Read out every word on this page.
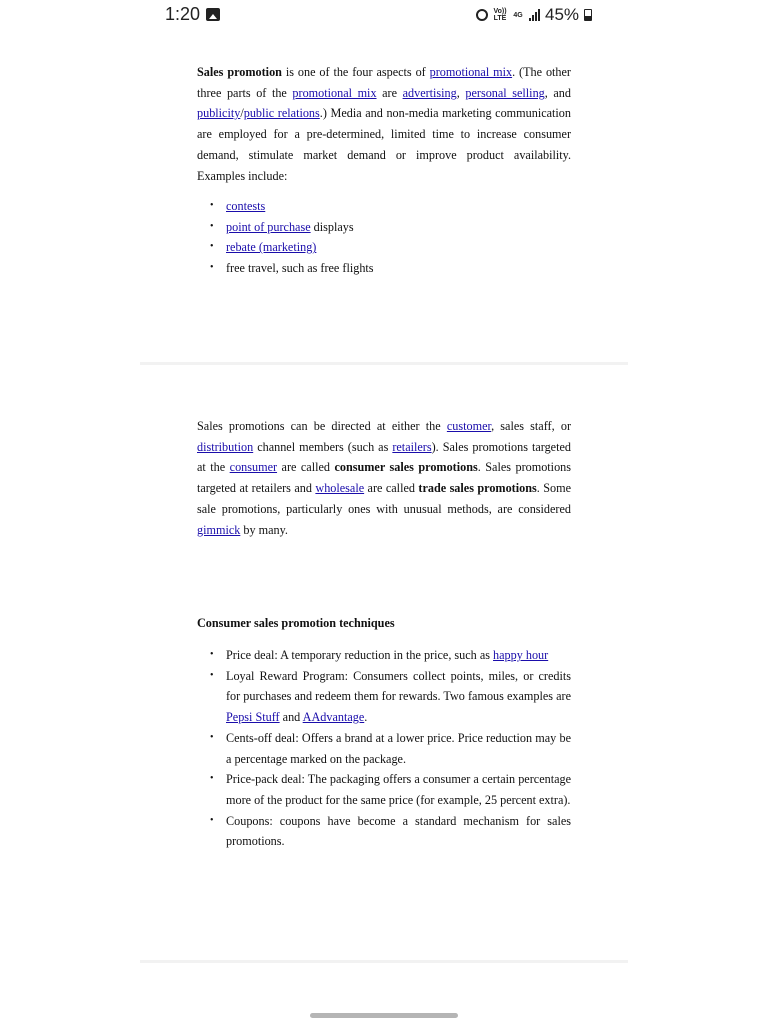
1:20	Vo)) LTE 4G 45%

Sales promotion is one of the four aspects of promotional mix. (The other three parts of the promotional mix are advertising, personal selling, and publicity/public relations.) Media and non-media marketing communication are employed for a pre-determined, limited time to increase consumer demand, stimulate market demand or improve product availability. Examples include:

• contests
• point of purchase displays
• rebate (marketing)
• free travel, such as free flights

Sales promotions can be directed at either the customer, sales staff, or distribution channel members (such as retailers). Sales promotions targeted at the consumer are called consumer sales promotions. Sales promotions targeted at retailers and wholesale are called trade sales promotions. Some sale promotions, particularly ones with unusual methods, are considered gimmick by many.

Consumer sales promotion techniques

• Price deal: A temporary reduction in the price, such as happy hour
• Loyal Reward Program: Consumers collect points, miles, or credits for purchases and redeem them for rewards. Two famous examples are Pepsi Stuff and AAdvantage.
• Cents-off deal: Offers a brand at a lower price. Price reduction may be a percentage marked on the package.
• Price-pack deal: The packaging offers a consumer a certain percentage more of the product for the same price (for example, 25 percent extra).
• Coupons: coupons have become a standard mechanism for sales promotions.
